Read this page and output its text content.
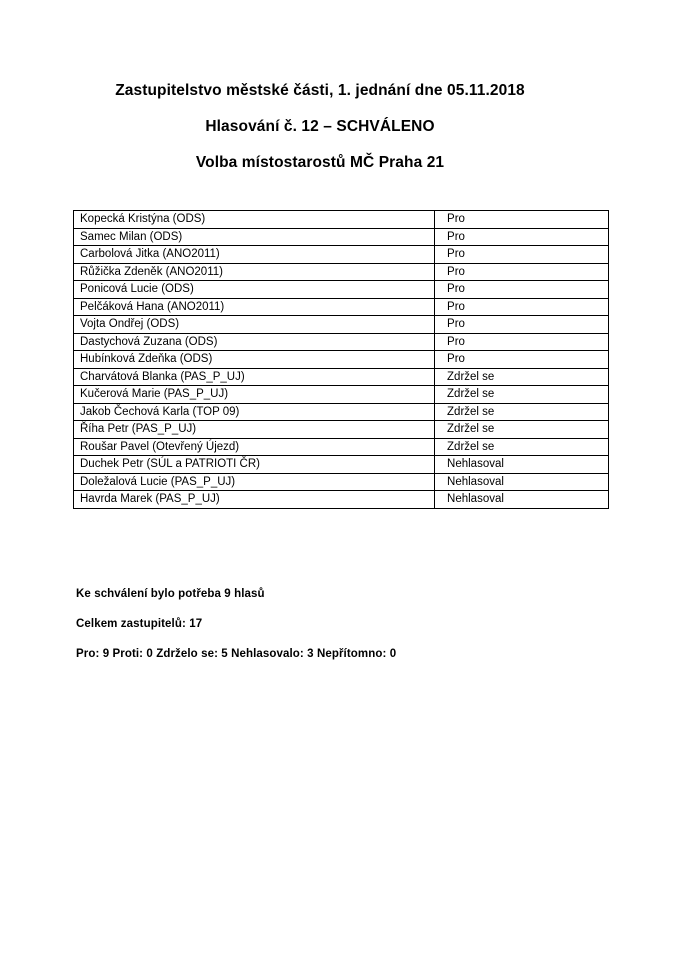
Zastupitelstvo městské části, 1. jednání dne 05.11.2018
Hlasování č. 12 – SCHVÁLENO
Volba místostarostů MČ Praha 21
Kopecká Kristýna (ODS)	Pro
Samec Milan (ODS)	Pro
Carbolová Jitka (ANO2011)	Pro
Růžička Zdeněk (ANO2011)	Pro
Ponicová Lucie (ODS)	Pro
Pelčáková Hana (ANO2011)	Pro
Vojta Ondřej (ODS)	Pro
Dastychová Zuzana (ODS)	Pro
Hubínková Zdeňka (ODS)	Pro
Charvátová Blanka (PAS_P_UJ)	Zdržel se
Kučerová Marie (PAS_P_UJ)	Zdržel se
Jakob Čechová Karla (TOP 09)	Zdržel se
Říha Petr (PAS_P_UJ)	Zdržel se
Roušar Pavel (Otevřený Újezd)	Zdržel se
Duchek Petr (SÚL a PATRIOTI ČR)	Nehlasoval
Doležalová Lucie (PAS_P_UJ)	Nehlasoval
Havrda Marek (PAS_P_UJ)	Nehlasoval

Ke schválení bylo potřeba 9 hlasů

Celkem zastupitelů: 17

Pro: 9 Proti: 0 Zdrželo se: 5 Nehlasovalo: 3 Nepřítomno: 0
